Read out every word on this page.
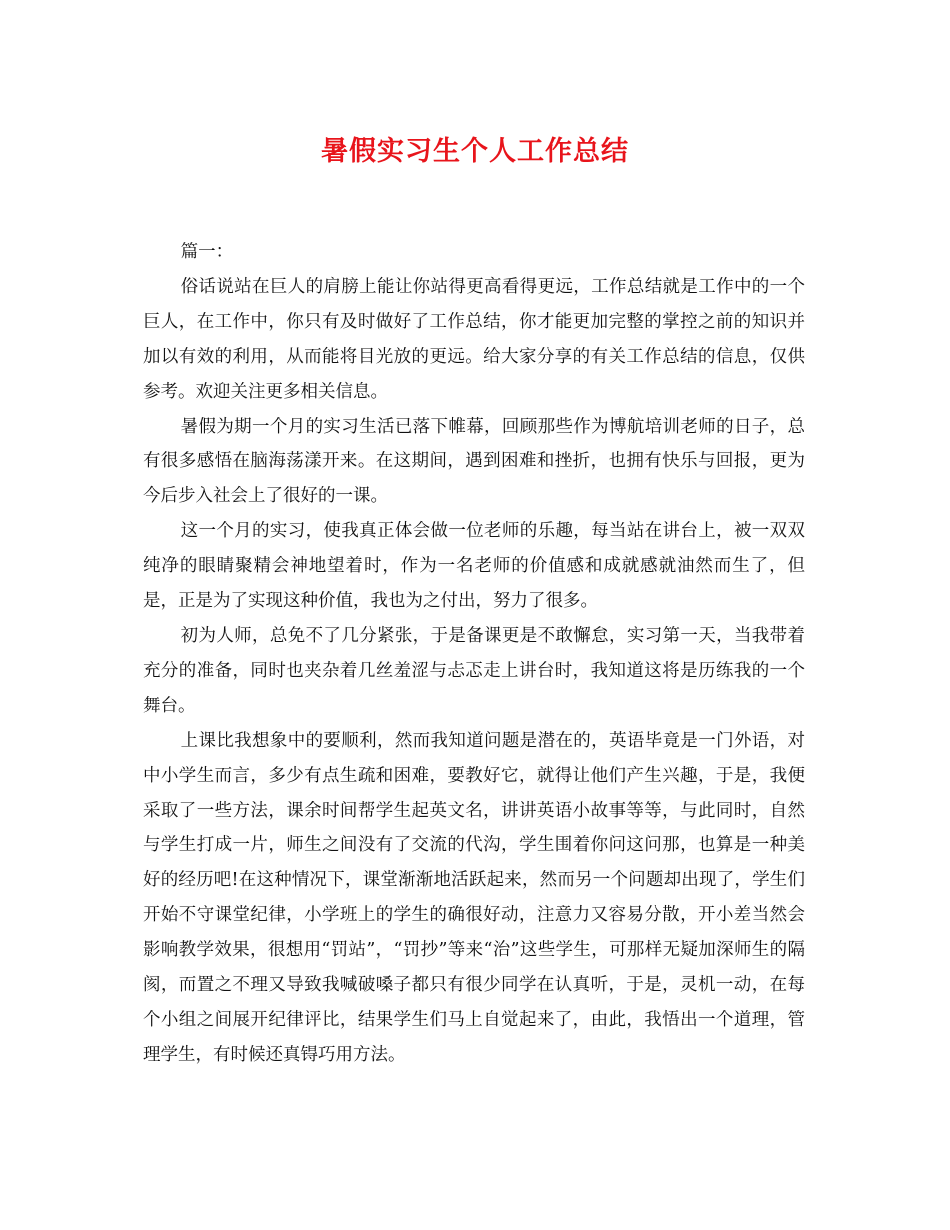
暑假实习生个人工作总结

篇一：

俗话说站在巨人的肩膀上能让你站得更高看得更远，工作总结就是工作中的一个巨人，在工作中，你只有及时做好了工作总结，你才能更加完整的掌控之前的知识并加以有效的利用，从而能将目光放的更远。给大家分享的有关工作总结的信息，仅供参考。欢迎关注更多相关信息。

暑假为期一个月的实习生活已落下帷幕，回顾那些作为博航培训老师的日子，总有很多感悟在脑海荡漾开来。在这期间，遇到困难和挫折，也拥有快乐与回报，更为今后步入社会上了很好的一课。

这一个月的实习，使我真正体会做一位老师的乐趣，每当站在讲台上，被一双双纯净的眼睛聚精会神地望着时，作为一名老师的价值感和成就感就油然而生了，但是，正是为了实现这种价值，我也为之付出，努力了很多。

初为人师，总免不了几分紧张，于是备课更是不敢懈怠，实习第一天，当我带着充分的准备，同时也夹杂着几丝羞涩与忐忑走上讲台时，我知道这将是历练我的一个舞台。

上课比我想象中的要顺利，然而我知道问题是潜在的，英语毕竟是一门外语，对中小学生而言，多少有点生疏和困难，要教好它，就得让他们产生兴趣，于是，我便采取了一些方法，课余时间帮学生起英文名，讲讲英语小故事等等，与此同时，自然与学生打成一片，师生之间没有了交流的代沟，学生围着你问这问那，也算是一种美好的经历吧!在这种情况下，课堂渐渐地活跃起来，然而另一个问题却出现了，学生们开始不守课堂纪律，小学班上的学生的确很好动，注意力又容易分散，开小差当然会影响教学效果，很想用“罚站”，“罚抄”等来“治”这些学生，可那样无疑加深师生的隔阂，而置之不理又导致我喊破嗓子都只有很少同学在认真听，于是，灵机一动，在每个小组之间展开纪律评比，结果学生们马上自觉起来了，由此，我悟出一个道理，管理学生，有时候还真锝巧用方法。
